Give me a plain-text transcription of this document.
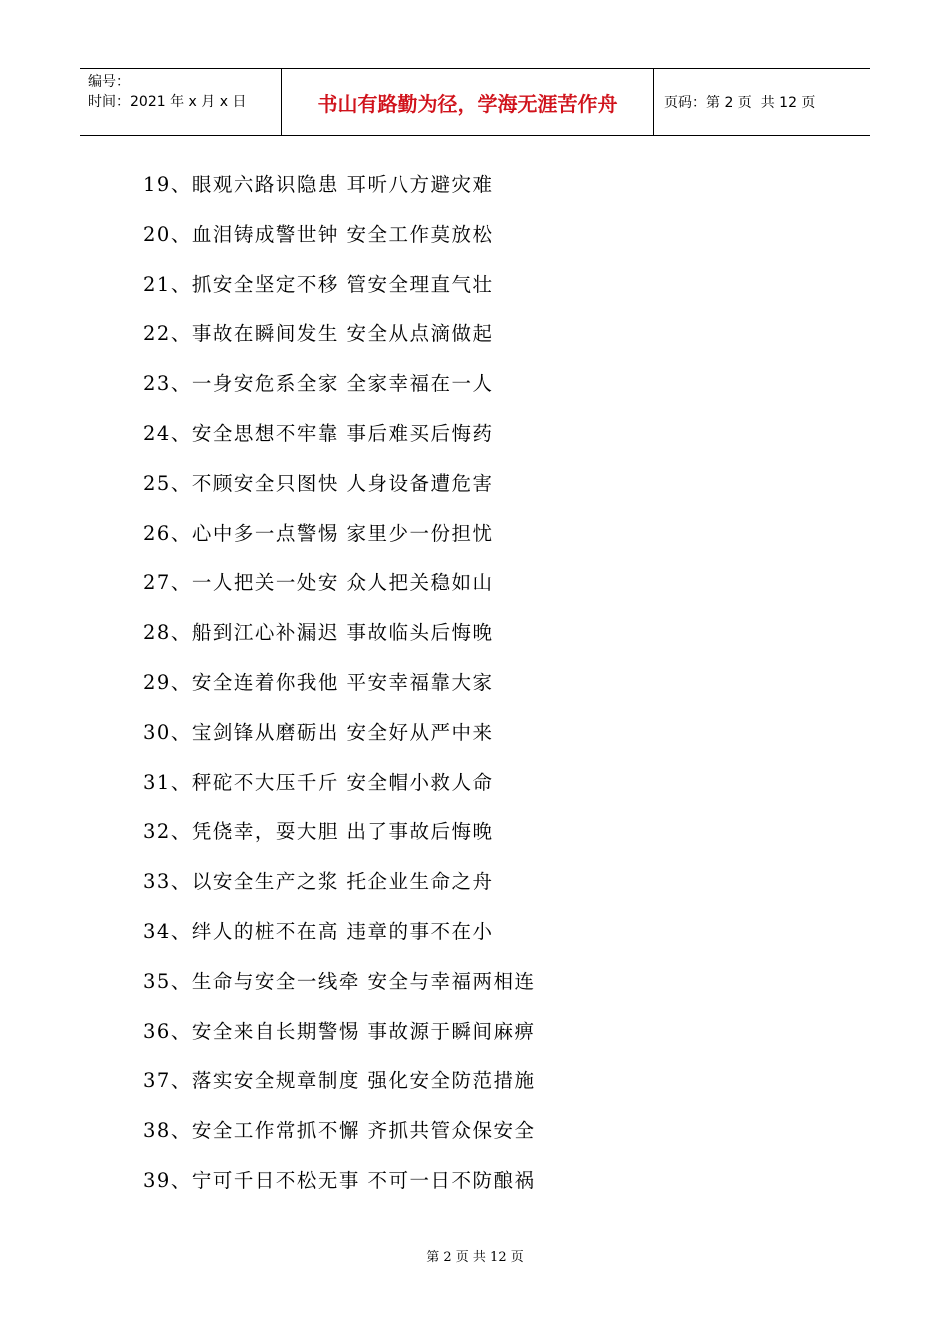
编号：
时间：2021 年 x 月 x 日	书山有路勤为径，学海无涯苦作舟	页码：第 2 页  共 12 页
19、眼观六路识隐患 耳听八方避灾难
20、血泪铸成警世钟 安全工作莫放松
21、抓安全坚定不移 管安全理直气壮
22、事故在瞬间发生 安全从点滴做起
23、一身安危系全家 全家幸福在一人
24、安全思想不牢靠 事后难买后悔药
25、不顾安全只图快 人身设备遭危害
26、心中多一点警惕 家里少一份担忧
27、一人把关一处安 众人把关稳如山
28、船到江心补漏迟 事故临头后悔晚
29、安全连着你我他 平安幸福靠大家
30、宝剑锋从磨砺出 安全好从严中来
31、秤砣不大压千斤 安全帽小救人命
32、凭侥幸，耍大胆 出了事故后悔晚
33、以安全生产之浆 托企业生命之舟
34、绊人的桩不在高 违章的事不在小
35、生命与安全一线牵 安全与幸福两相连
36、安全来自长期警惕 事故源于瞬间麻痹
37、落实安全规章制度 强化安全防范措施
38、安全工作常抓不懈 齐抓共管众保安全
39、宁可千日不松无事 不可一日不防酿祸
第 2 页 共 12 页
